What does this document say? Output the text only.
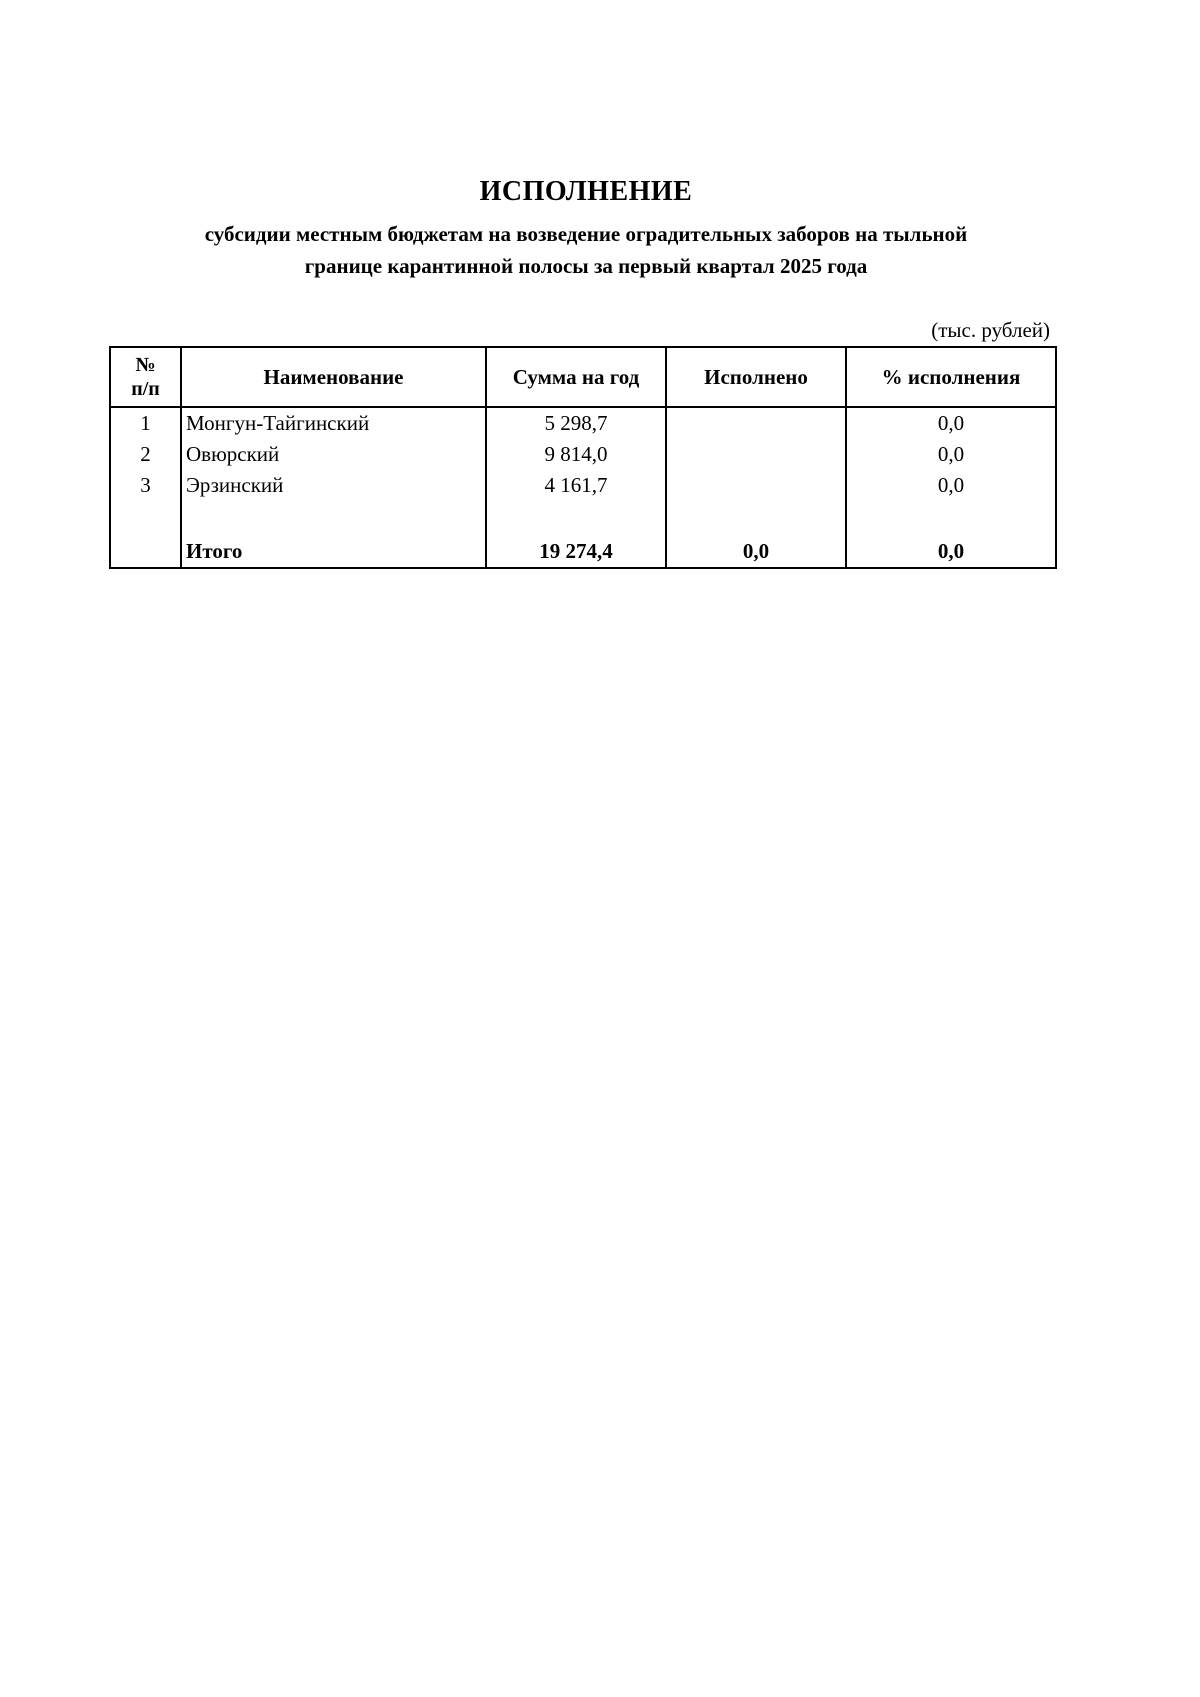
ИСПОЛНЕНИЕ
субсидии местным бюджетам на возведение оградительных заборов на тыльной
границе карантинной полосы за первый квартал 2025 года
(тыс. рублей)
№
п/п	Наименование	Сумма на год	Исполнено	% исполнения
1	Монгун-Тайгинский	5 298,7		0,0
2	Овюрский	9 814,0		0,0
3	Эрзинский	4 161,7		0,0

	Итого	19 274,4	0,0	0,0
